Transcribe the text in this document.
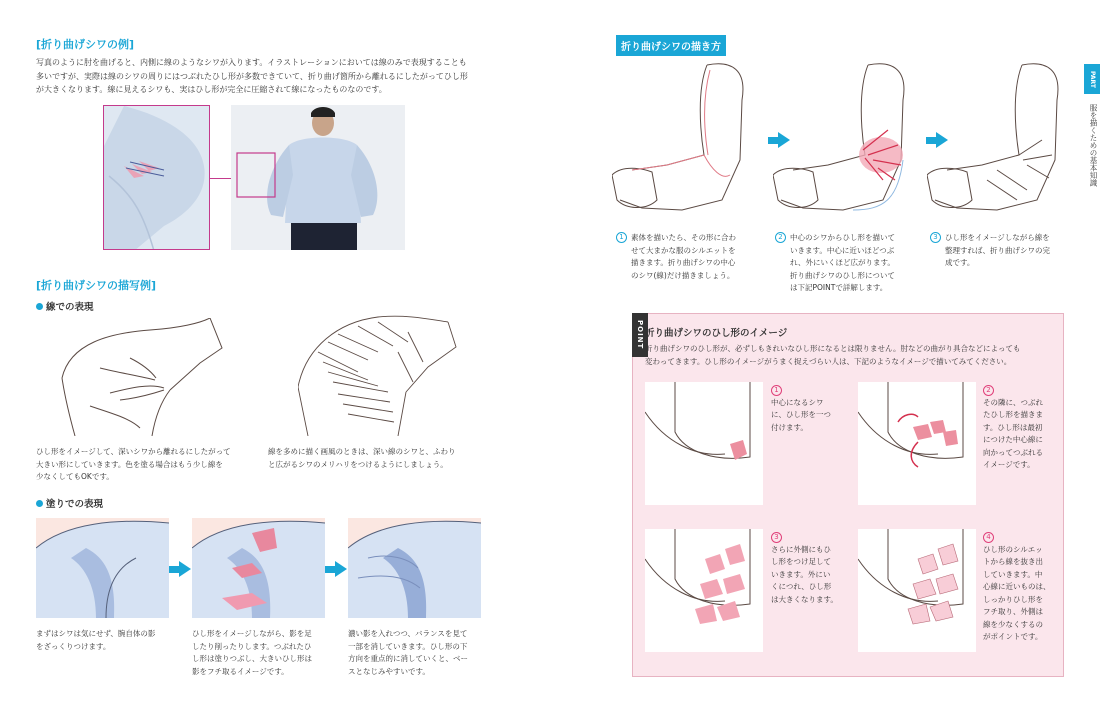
[折り曲げシワの例]
写真のように肘を曲げると、内側に線のようなシワが入ります。イラストレーションにおいては線のみで表現することも
多いですが、実際は線のシワの周りにはつぶれたひし形が多数できていて、折り曲げ箇所から離れるにしたがってひし形
が大きくなります。線に見えるシワも、実はひし形が完全に圧縮されて線になったものなのです。
[折り曲げシワの描写例]
線での表現
ひし形をイメージして、深いシワから離れるにしたがって
大きい形にしていきます。色を塗る場合はもう少し線を
少なくしてもOKです。
線を多めに描く画風のときは、深い線のシワと、ふわり
と広がるシワのメリハリをつけるようにしましょう。
塗りでの表現
まずはシワは気にせず、腕自体の影
をざっくりつけます。
ひし形をイメージしながら、影を足
したり削ったりします。つぶれたひ
し形は塗りつぶし、大きいひし形は
影をフチ取るイメージです。
濃い影を入れつつ、バランスを見て
一部を消していきます。ひし形の下
方向を重点的に消していくと、ベー
スとなじみやすいです。
折り曲げシワの描き方
1 素体を描いたら、その形に合わ
せて大まかな服のシルエットを
描きます。折り曲げシワの中心
のシワ(線)だけ描きましょう。
2 中心のシワからひし形を描いて
いきます。中心に近いほどつぶ
れ、外にいくほど広がります。
折り曲げシワのひし形について
は下記POINTで詳解します。
3 ひし形をイメージしながら線を
整理すれば、折り曲げシワの完
成です。
POINT 折り曲げシワのひし形のイメージ
折り曲げシワのひし形が、必ずしもきれいなひし形になるとは限りません。肘などの曲がり具合などによっても
変わってきます。ひし形のイメージがうまく捉えづらい人は、下記のようなイメージで描いてみてください。
1
中心になるシワ
に、ひし形を一つ
付けます。
2
その隣に、つぶれ
たひし形を描きま
す。ひし形は最初
につけた中心線に
向かってつぶれる
イメージです。
3
さらに外側にもひ
し形をつけ足して
いきます。外にい
くにつれ、ひし形
は大きくなります。
4
ひし形のシルエッ
トから線を抜き出
していきます。中
心線に近いものは、
しっかりひし形を
フチ取り、外側は
線を少なくするの
がポイントです。
PART
服を描くための基本知識
